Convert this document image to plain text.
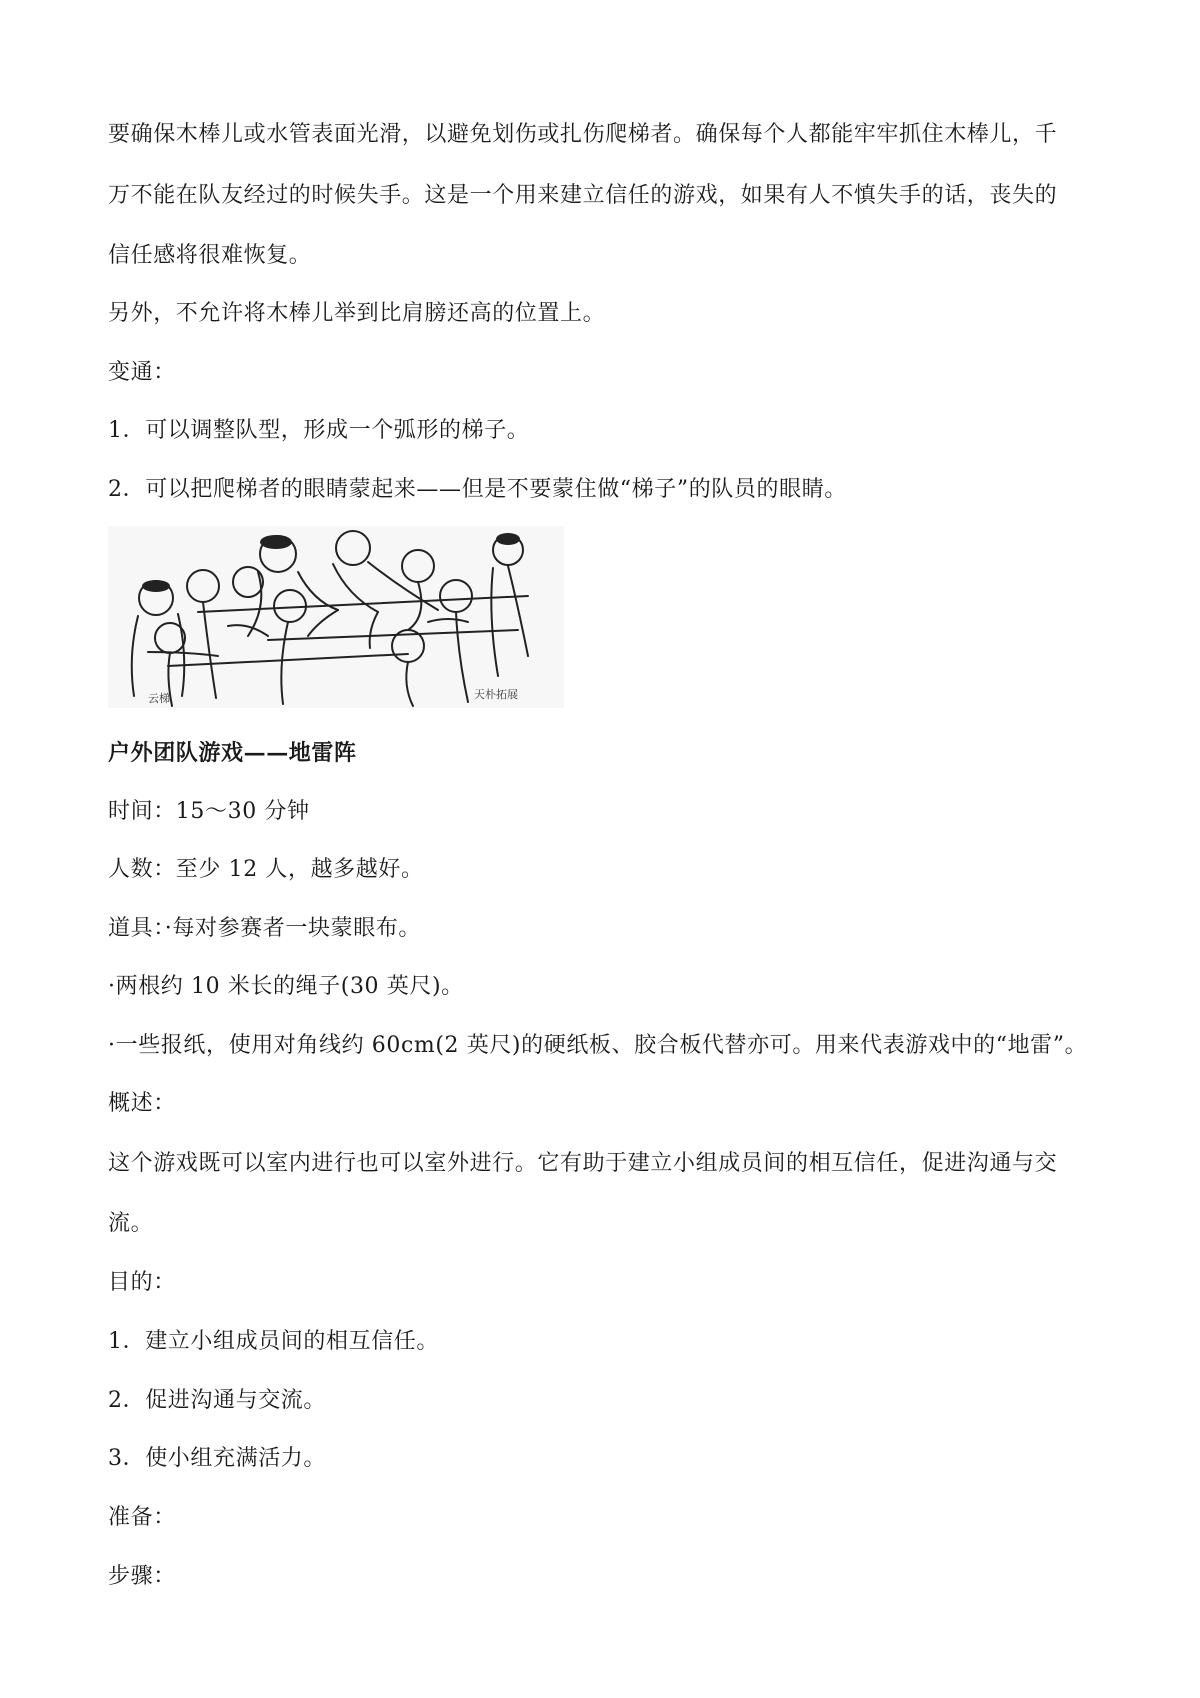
要确保木棒儿或水管表面光滑，以避免划伤或扎伤爬梯者。确保每个人都能牢牢抓住木棒儿，千
万不能在队友经过的时候失手。这是一个用来建立信任的游戏，如果有人不慎失手的话，丧失的
信任感将很难恢复。
另外，不允许将木棒儿举到比肩膀还高的位置上。
变通：
1．可以调整队型，形成一个弧形的梯子。
2．可以把爬梯者的眼睛蒙起来——但是不要蒙住做“梯子”的队员的眼睛。
云梯	天朴拓展
户外团队游戏——地雷阵
时间：15～30 分钟
人数：至少 12 人，越多越好。
道具：·每对参赛者一块蒙眼布。
·两根约 10 米长的绳子(30 英尺)。
·一些报纸，使用对角线约 60cm(2 英尺)的硬纸板、胶合板代替亦可。用来代表游戏中的“地雷”。
概述：
这个游戏既可以室内进行也可以室外进行。它有助于建立小组成员间的相互信任，促进沟通与交
流。
目的：
1．建立小组成员间的相互信任。
2．促进沟通与交流。
3．使小组充满活力。
准备：
步骤：
